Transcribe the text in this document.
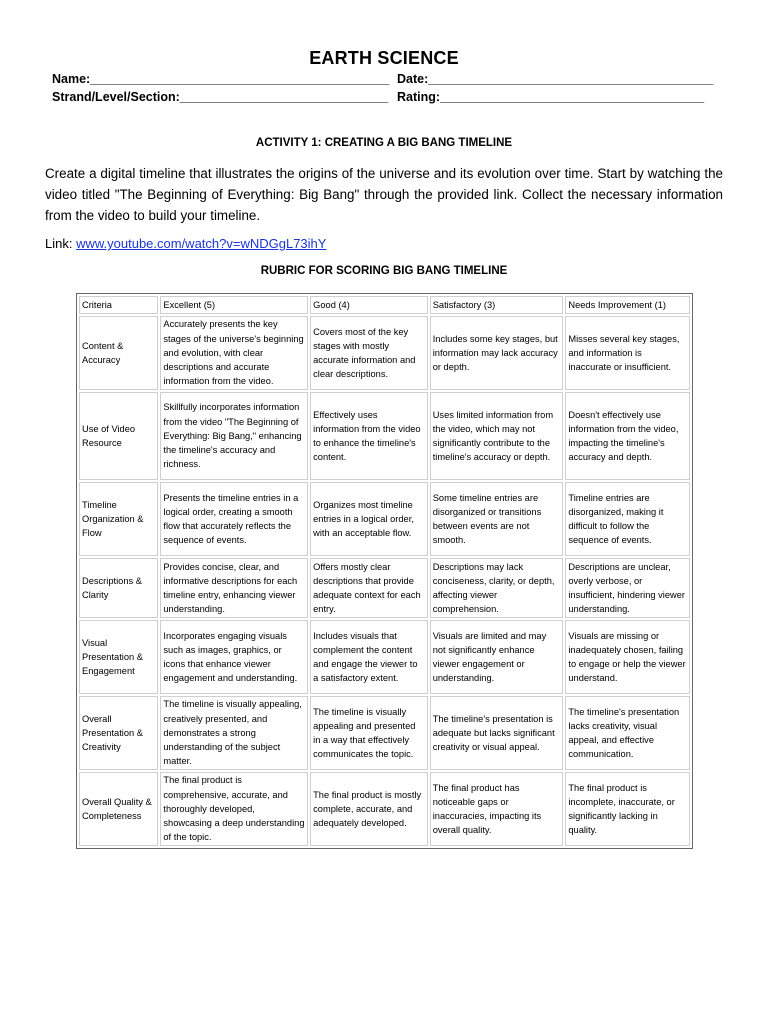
EARTH SCIENCE
Name:___________________________________________ Date:_________________________________________
Strand/Level/Section:______________________________ Rating:______________________________________
ACTIVITY 1: CREATING A BIG BANG TIMELINE
Create a digital timeline that illustrates the origins of the universe and its evolution over time. Start by watching the video titled "The Beginning of Everything: Big Bang" through the provided link. Collect the necessary information from the video to build your timeline.
Link: www.youtube.com/watch?v=wNDGgL73ihY
RUBRIC FOR SCORING BIG BANG TIMELINE
Criteria	Excellent (5)	Good (4)	Satisfactory (3)	Needs Improvement (1)
Content & Accuracy	Accurately presents the key stages of the universe's beginning and evolution, with clear descriptions and accurate information from the video.	Covers most of the key stages with mostly accurate information and clear descriptions.	Includes some key stages, but information may lack accuracy or depth.	Misses several key stages, and information is inaccurate or insufficient.
Use of Video Resource	Skillfully incorporates information from the video "The Beginning of Everything: Big Bang," enhancing the timeline's accuracy and richness.	Effectively uses information from the video to enhance the timeline's content.	Uses limited information from the video, which may not significantly contribute to the timeline's accuracy or depth.	Doesn't effectively use information from the video, impacting the timeline's accuracy and depth.
Timeline Organization & Flow	Presents the timeline entries in a logical order, creating a smooth flow that accurately reflects the sequence of events.	Organizes most timeline entries in a logical order, with an acceptable flow.	Some timeline entries are disorganized or transitions between events are not smooth.	Timeline entries are disorganized, making it difficult to follow the sequence of events.
Descriptions & Clarity	Provides concise, clear, and informative descriptions for each timeline entry, enhancing viewer understanding.	Offers mostly clear descriptions that provide adequate context for each entry.	Descriptions may lack conciseness, clarity, or depth, affecting viewer comprehension.	Descriptions are unclear, overly verbose, or insufficient, hindering viewer understanding.
Visual Presentation & Engagement	Incorporates engaging visuals such as images, graphics, or icons that enhance viewer engagement and understanding.	Includes visuals that complement the content and engage the viewer to a satisfactory extent.	Visuals are limited and may not significantly enhance viewer engagement or understanding.	Visuals are missing or inadequately chosen, failing to engage or help the viewer understand.
Overall Presentation & Creativity	The timeline is visually appealing, creatively presented, and demonstrates a strong understanding of the subject matter.	The timeline is visually appealing and presented in a way that effectively communicates the topic.	The timeline's presentation is adequate but lacks significant creativity or visual appeal.	The timeline's presentation lacks creativity, visual appeal, and effective communication.
Overall Quality & Completeness	The final product is comprehensive, accurate, and thoroughly developed, showcasing a deep understanding of the topic.	The final product is mostly complete, accurate, and adequately developed.	The final product has noticeable gaps or inaccuracies, impacting its overall quality.	The final product is incomplete, inaccurate, or significantly lacking in quality.
